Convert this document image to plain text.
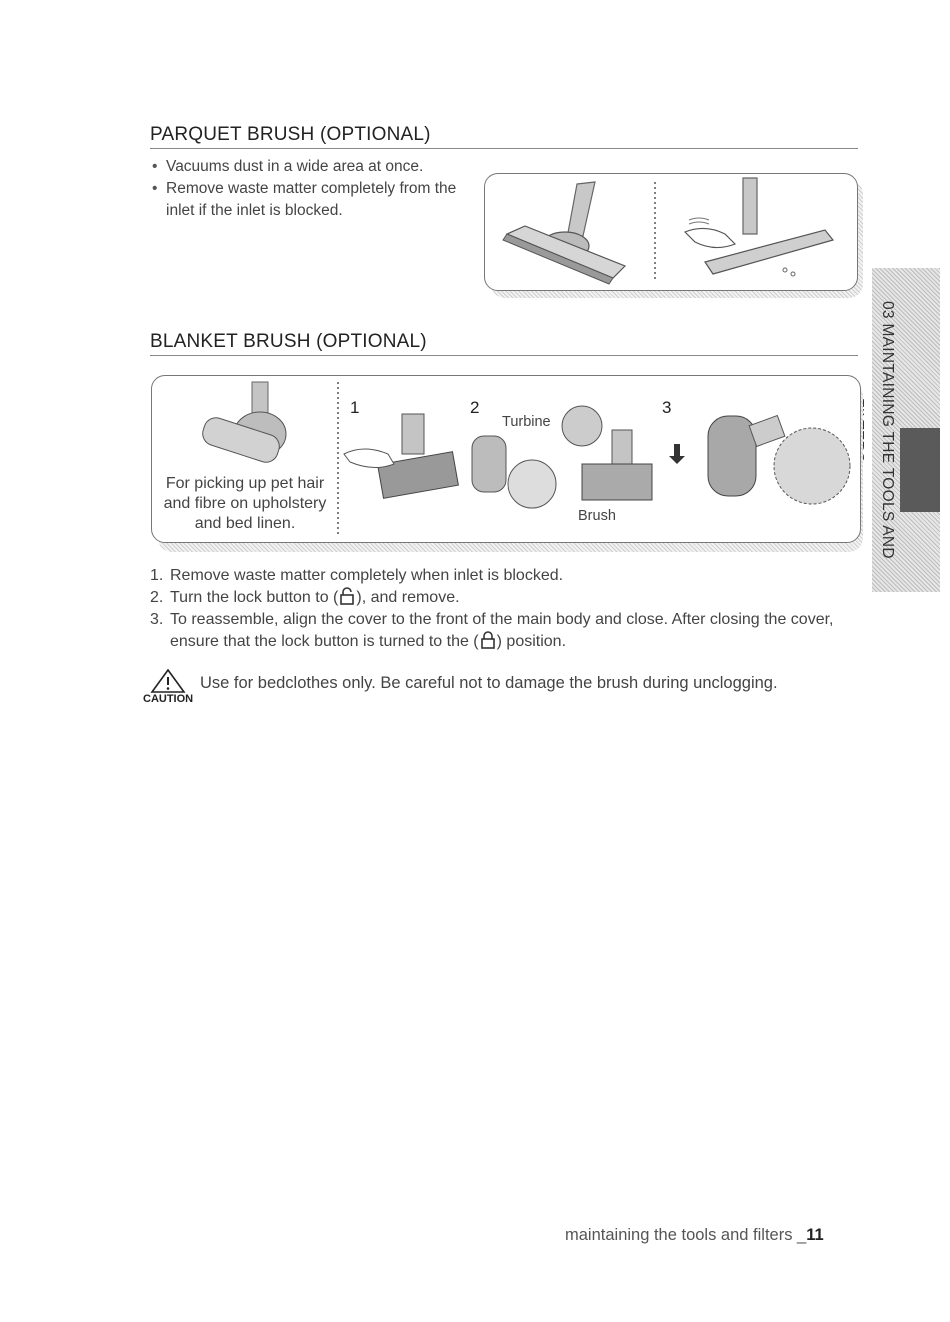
03 MAINTAINING THE TOOLS AND
PARQUET BRUSH (OPTIONAL)
• Vacuums dust in a wide area at once.
• Remove waste matter completely from the inlet if the inlet is blocked.
BLANKET BRUSH (OPTIONAL)
For picking up pet hair and fibre on upholstery and bed linen.
1	2	3
Turbine
Brush
1. Remove waste matter completely when inlet is blocked.
2. Turn the lock button to ( ), and remove.
3. To reassemble, align the cover to the front of the main body and close. After closing the cover, ensure that the lock button is turned to the ( ) position.
CAUTION
Use for bedclothes only. Be careful not to damage the brush during unclogging.
maintaining the tools and filters _11
